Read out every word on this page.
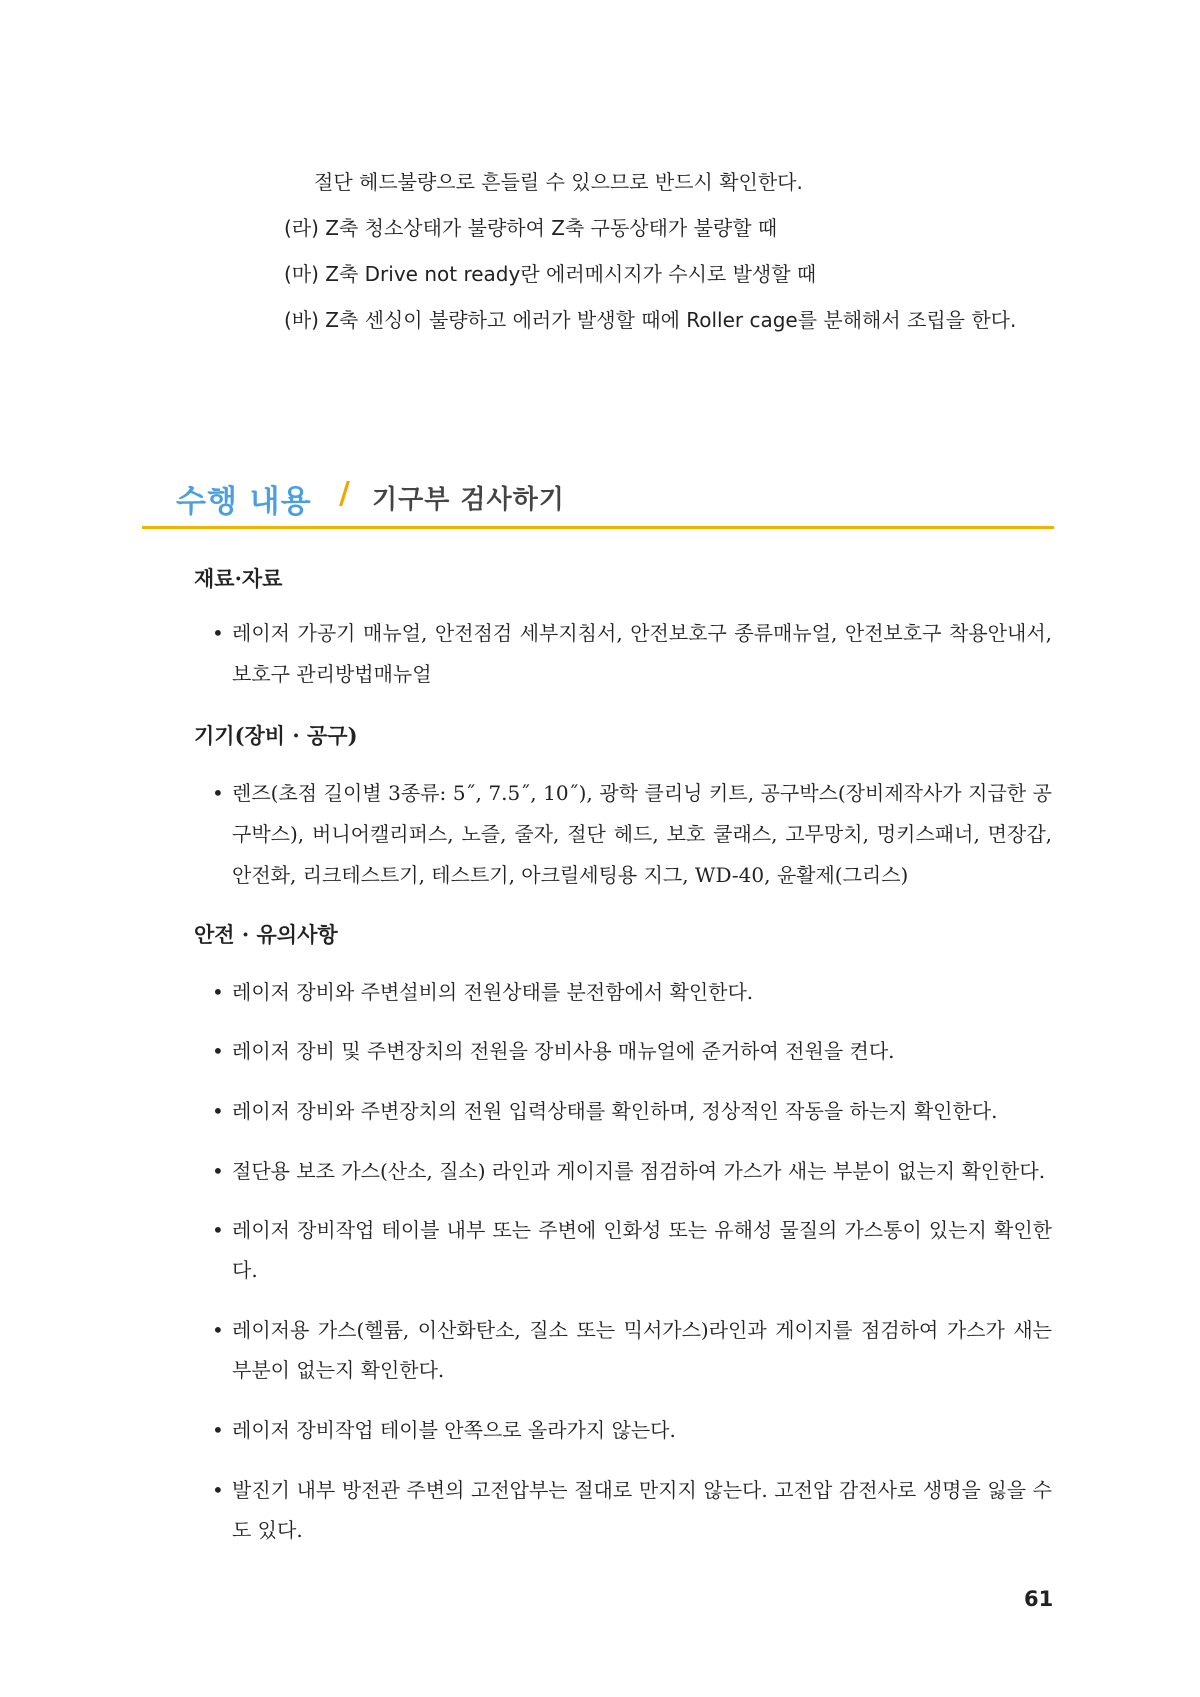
절단 헤드불량으로 흔들릴 수 있으므로 반드시 확인한다.
(라) Z축 청소상태가 불량하여 Z축 구동상태가 불량할 때
(마) Z축 Drive not ready란 에러메시지가 수시로 발생할 때
(바) Z축 센싱이 불량하고 에러가 발생할 때에 Roller cage를 분해해서 조립을 한다.
수행 내용 / 기구부 검사하기
재료·자료
• 레이저 가공기 매뉴얼, 안전점검 세부지침서, 안전보호구 종류매뉴얼, 안전보호구 착용안내서, 보호구 관리방법매뉴얼
기기(장비 · 공구)
• 렌즈(초점 길이별 3종류: 5˝, 7.5˝, 10˝), 광학 클리닝 키트, 공구박스(장비제작사가 지급한 공구박스), 버니어캘리퍼스, 노즐, 줄자, 절단 헤드, 보호 쿨래스, 고무망치, 멍키스패너, 면장갑, 안전화, 리크테스트기, 테스트기, 아크릴세팅용 지그, WD-40, 윤활제(그리스)
안전 · 유의사항
• 레이저 장비와 주변설비의 전원상태를 분전함에서 확인한다.
• 레이저 장비 및 주변장치의 전원을 장비사용 매뉴얼에 준거하여 전원을 켠다.
• 레이저 장비와 주변장치의 전원 입력상태를 확인하며, 정상적인 작동을 하는지 확인한다.
• 절단용 보조 가스(산소, 질소) 라인과 게이지를 점검하여 가스가 새는 부분이 없는지 확인한다.
• 레이저 장비작업 테이블 내부 또는 주변에 인화성 또는 유해성 물질의 가스통이 있는지 확인한다.
• 레이저용 가스(헬륨, 이산화탄소, 질소 또는 믹서가스)라인과 게이지를 점검하여 가스가 새는 부분이 없는지 확인한다.
• 레이저 장비작업 테이블 안쪽으로 올라가지 않는다.
• 발진기 내부 방전관 주변의 고전압부는 절대로 만지지 않는다. 고전압 감전사로 생명을 잃을 수도 있다.
61
